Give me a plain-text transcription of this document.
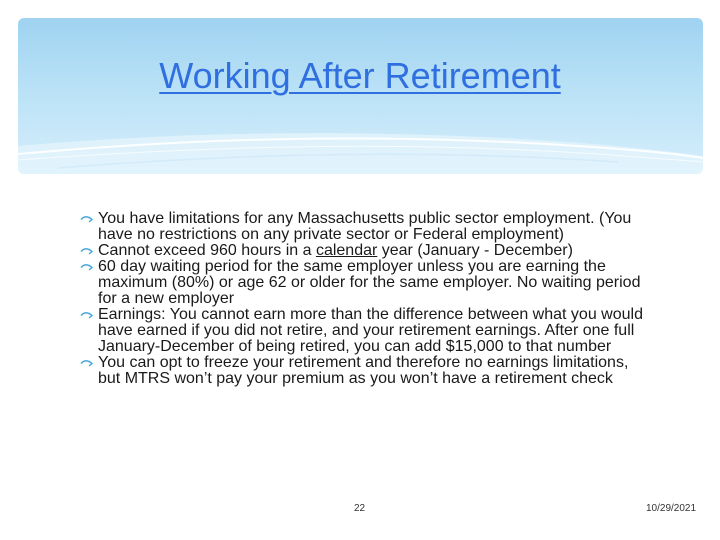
Working After Retirement
You have limitations for any Massachusetts public sector employment. (You have no restrictions on any private sector or Federal employment)
Cannot exceed 960 hours in a calendar year (January - December)
60 day waiting period for the same employer unless you are earning the maximum (80%) or age 62 or older for the same employer. No waiting period for a new employer
Earnings: You cannot earn more than the difference between what you would have earned if you did not retire, and your retirement earnings. After one full January-December of being retired, you can add $15,000 to that number
You can opt to freeze your retirement and therefore no earnings limitations, but MTRS won’t pay your premium as you won’t have a retirement check
22	10/29/2021
